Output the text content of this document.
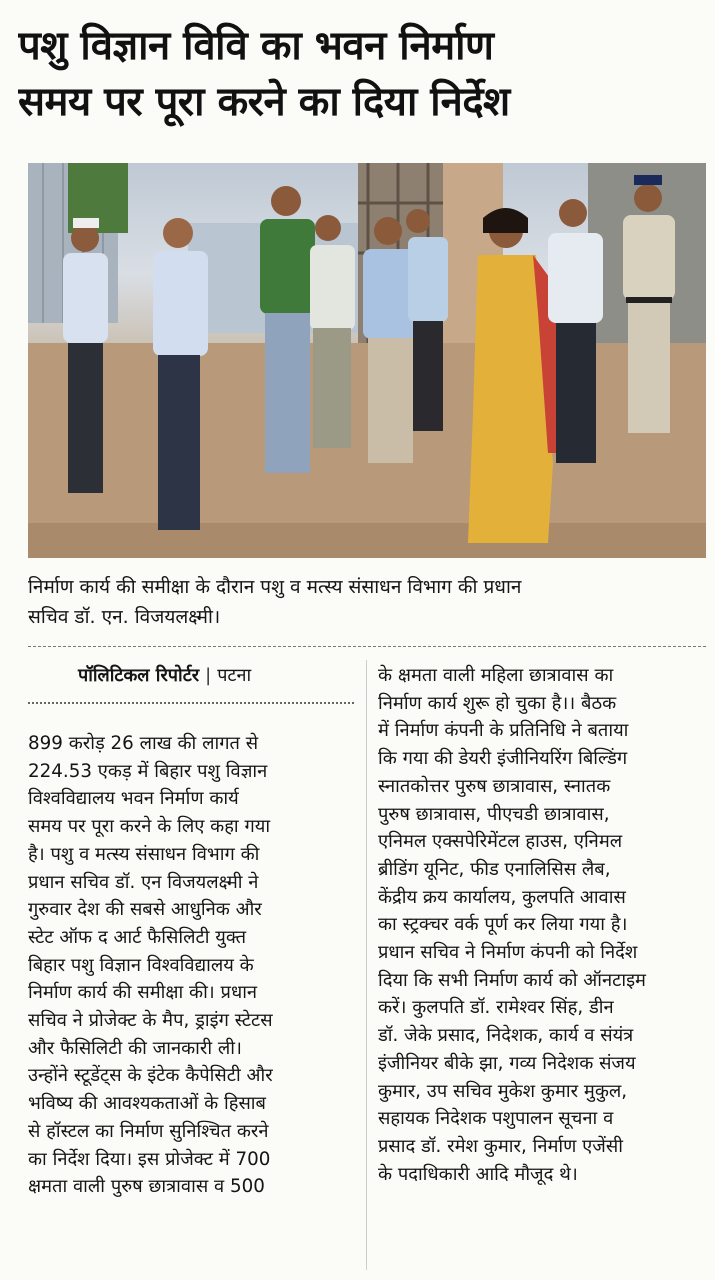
पशु विज्ञान विवि का भवन निर्माण
समय पर पूरा करने का दिया निर्देश
निर्माण कार्य की समीक्षा के दौरान पशु व मत्स्य संसाधन विभाग की प्रधान
सचिव डॉ. एन. विजयलक्ष्मी।
पॉलिटिकल रिपोर्टर | पटना
899 करोड़ 26 लाख की लागत से
224.53 एकड़ में बिहार पशु विज्ञान
विश्वविद्यालय भवन निर्माण कार्य
समय पर पूरा करने के लिए कहा गया
है। पशु व मत्स्य संसाधन विभाग की
प्रधान सचिव डॉ. एन विजयलक्ष्मी ने
गुरुवार देश की सबसे आधुनिक और
स्टेट ऑफ द आर्ट फैसिलिटी युक्त
बिहार पशु विज्ञान विश्वविद्यालय के
निर्माण कार्य की समीक्षा की। प्रधान
सचिव ने प्रोजेक्ट के मैप, ड्राइंग स्टेटस
और फैसिलिटी की जानकारी ली।
उन्होंने स्टूडेंट्स के इंटेक कैपेसिटी और
भविष्य की आवश्यकताओं के हिसाब
से हॉस्टल का निर्माण सुनिश्चित करने
का निर्देश दिया। इस प्रोजेक्ट में 700
क्षमता वाली पुरुष छात्रावास व 500
के क्षमता वाली महिला छात्रावास का
निर्माण कार्य शुरू हो चुका है।। बैठक
में निर्माण कंपनी के प्रतिनिधि ने बताया
कि गया की डेयरी इंजीनियरिंग बिल्डिंग
स्नातकोत्तर पुरुष छात्रावास, स्नातक
पुरुष छात्रावास, पीएचडी छात्रावास,
एनिमल एक्सपेरिमेंटल हाउस, एनिमल
ब्रीडिंग यूनिट, फीड एनालिसिस लैब,
केंद्रीय क्रय कार्यालय, कुलपति आवास
का स्ट्रक्चर वर्क पूर्ण कर लिया गया है।
प्रधान सचिव ने निर्माण कंपनी को निर्देश
दिया कि सभी निर्माण कार्य को ऑनटाइम
करें। कुलपति डॉ. रामेश्वर सिंह, डीन
डॉ. जेके प्रसाद, निदेशक, कार्य व संयंत्र
इंजीनियर बीके झा, गव्य निदेशक संजय
कुमार, उप सचिव मुकेश कुमार मुकुल,
सहायक निदेशक पशुपालन सूचना व
प्रसाद डॉ. रमेश कुमार, निर्माण एजेंसी
के पदाधिकारी आदि मौजूद थे।
